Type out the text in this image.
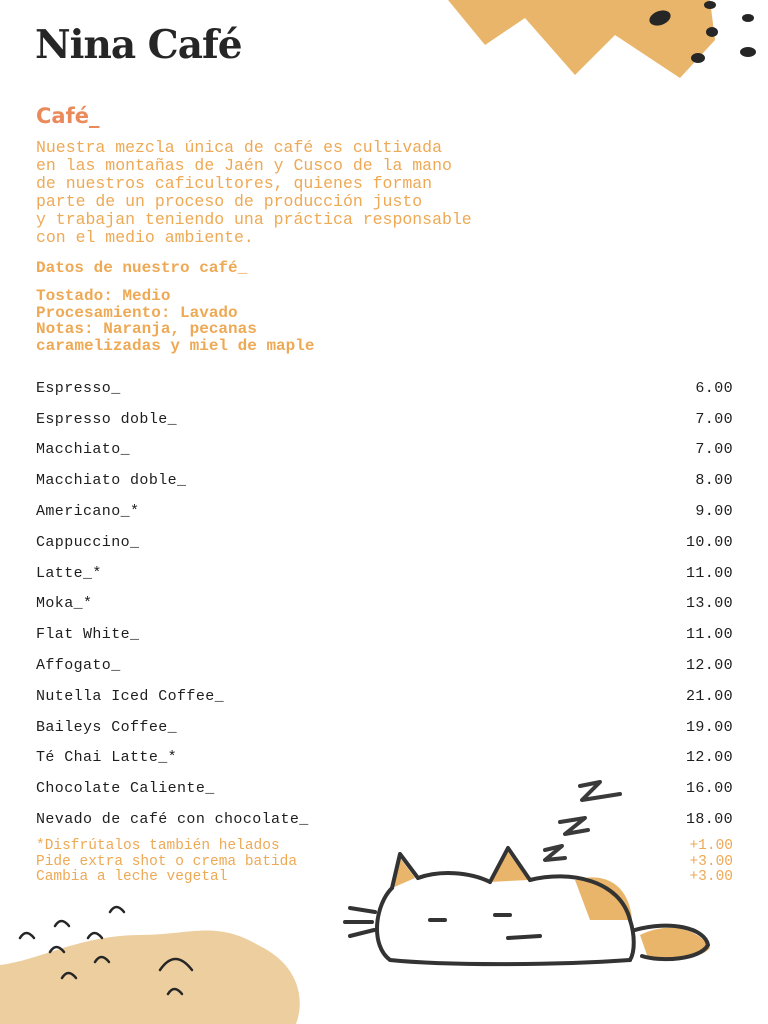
Nina Café
Café_
Nuestra mezcla única de café es cultivada
en las montañas de Jaén y Cusco de la mano
de nuestros caficultores, quienes forman
parte de un proceso de producción justo
y trabajan teniendo una práctica responsable
con el medio ambiente.
Datos de nuestro café_
Tostado: Medio
Procesamiento: Lavado
Notas: Naranja, pecanas
caramelizadas y miel de maple
Espresso_	6.00
Espresso doble_	7.00
Macchiato_	7.00
Macchiato doble_	8.00
Americano_*	9.00
Cappuccino_	10.00
Latte_*	11.00
Moka_*	13.00
Flat White_	11.00
Affogato_	12.00
Nutella Iced Coffee_	21.00
Baileys Coffee_	19.00
Té Chai Latte_*	12.00
Chocolate Caliente_	16.00
Nevado de café con chocolate_	18.00
*Disfrútalos también helados	+1.00
Pide extra shot o crema batida	+3.00
Cambia a leche vegetal	+3.00
